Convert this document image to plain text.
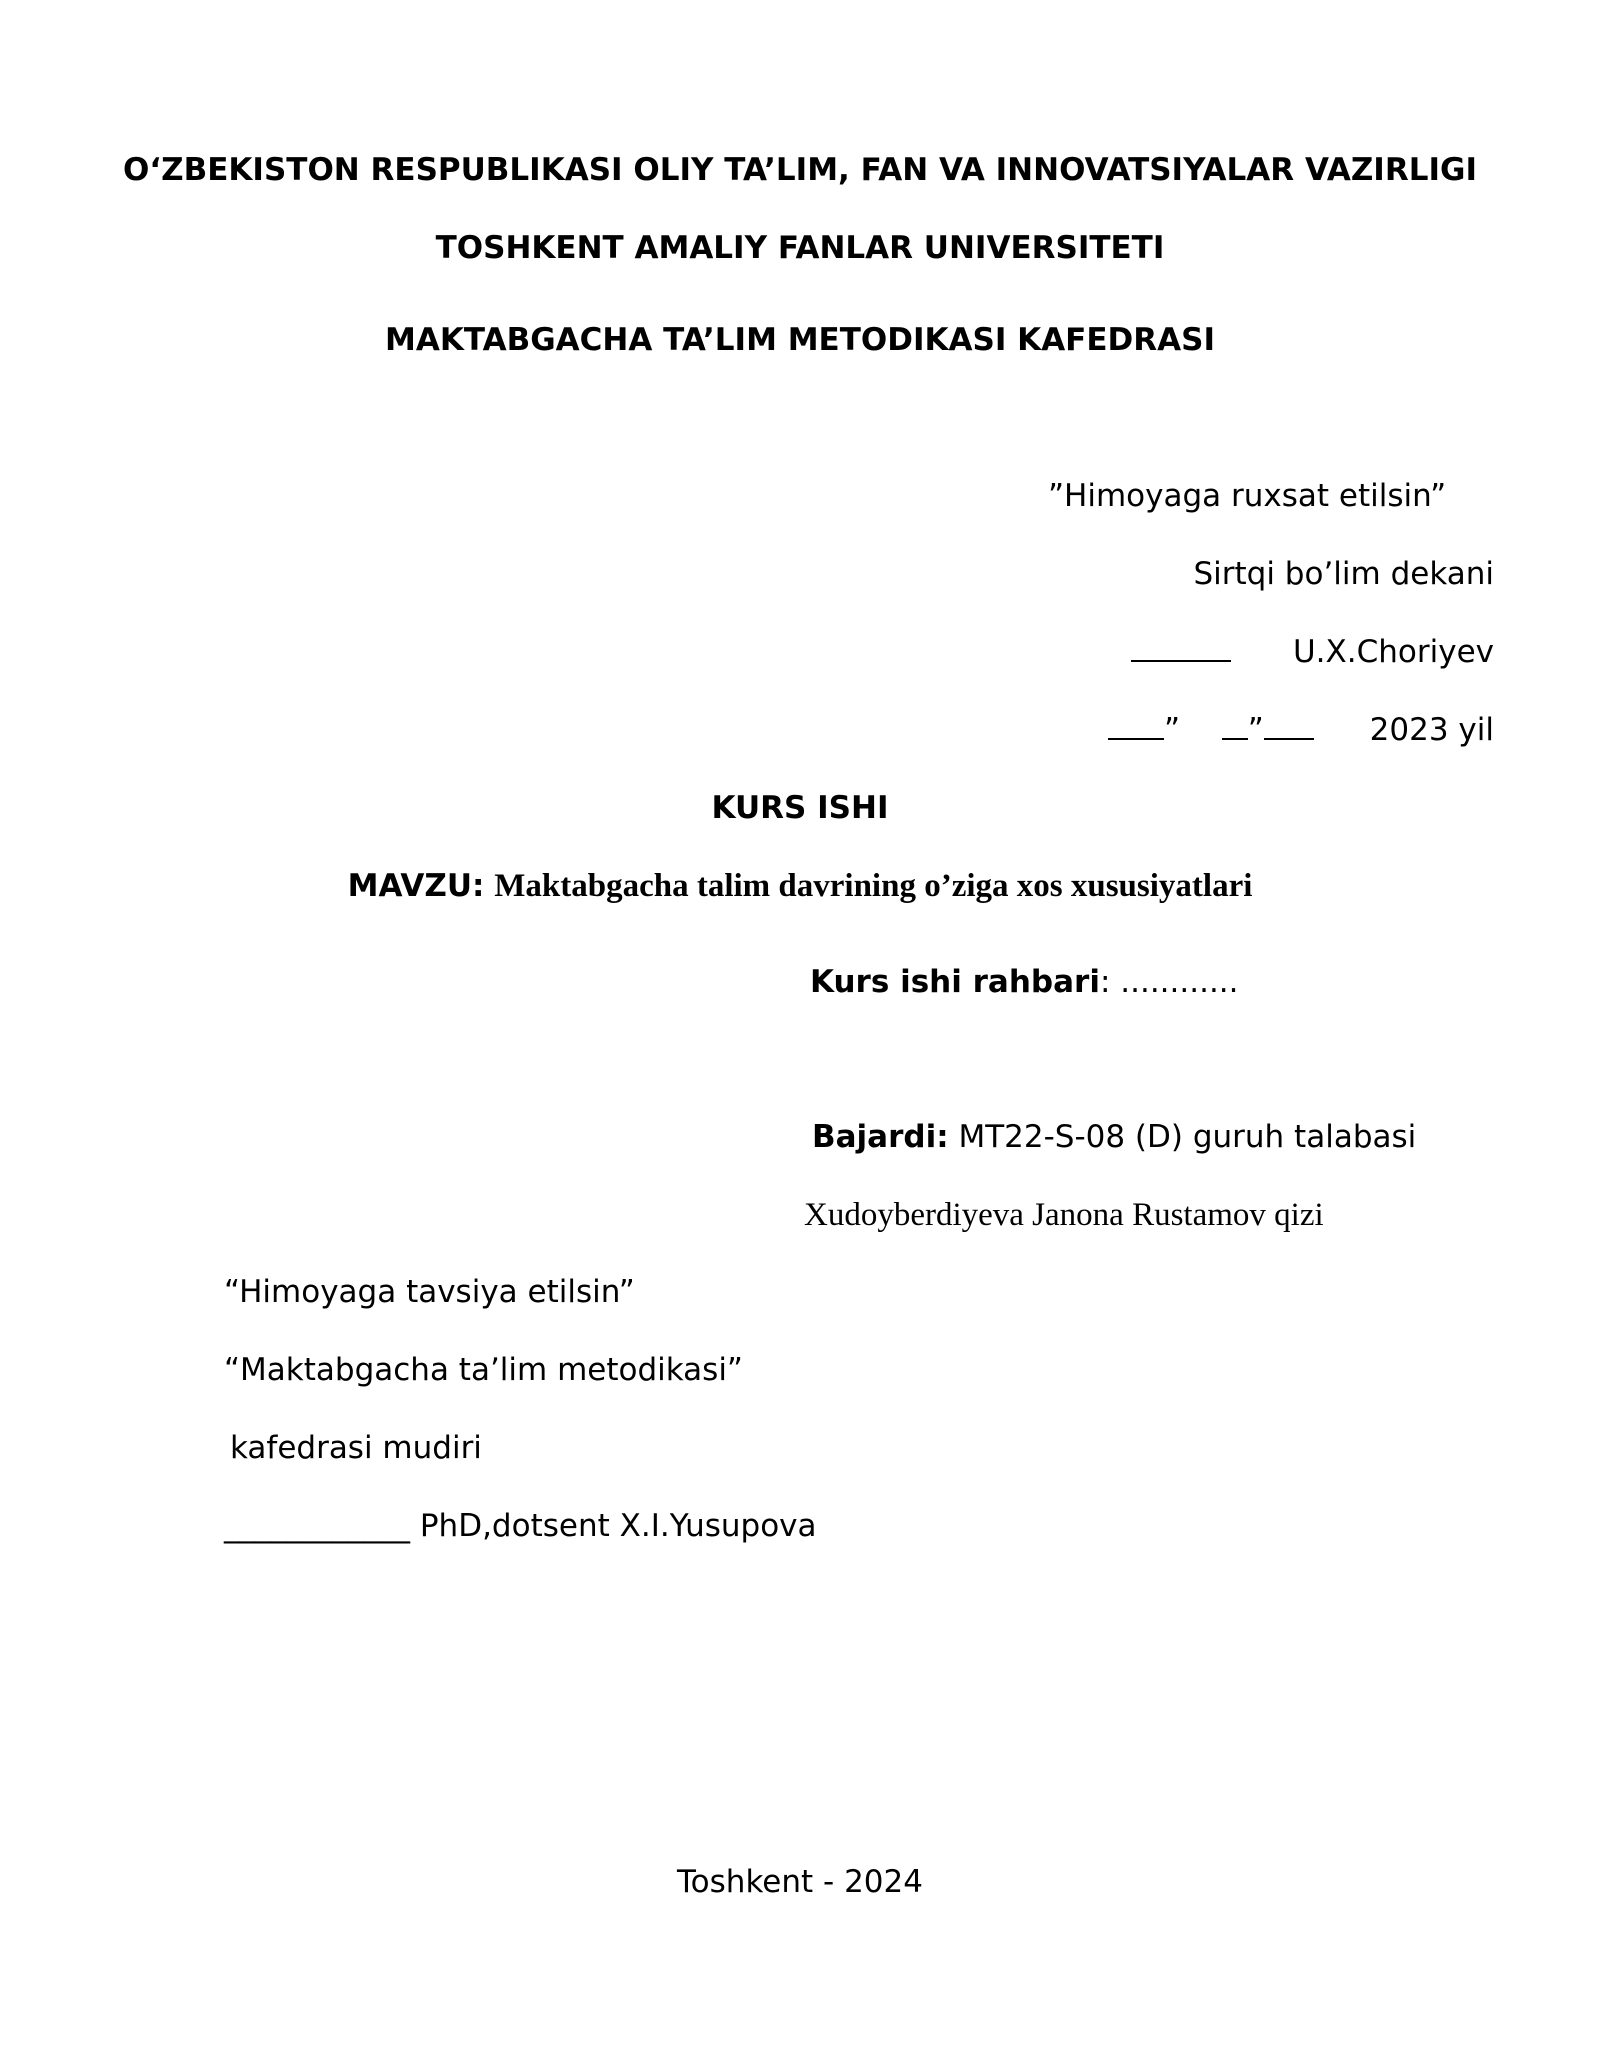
O‘ZBEKISTON RESPUBLIKASI OLIY TA’LIM, FAN VA INNOVATSIYALAR VAZIRLIGI
TOSHKENT AMALIY FANLAR UNIVERSITETI
MAKTABGACHA TA’LIM METODIKASI KAFEDRASI
”Himoyaga ruxsat etilsin”
Sirtqi bo’lim dekani
U.X.Choriyev
” ”	2023 yil
KURS ISHI
MAVZU: Maktabgacha talim davrining o’ziga xos xususiyatlari
Kurs ishi rahbari: ............
Bajardi: MT22-S-08 (D) guruh talabasi
Xudoyberdiyeva Janona Rustamov qizi
“Himoyaga tavsiya etilsin”
“Maktabgacha ta’lim metodikasi”
kafedrasi mudiri
____________ PhD,dotsent X.I.Yusupova
Toshkent - 2024
